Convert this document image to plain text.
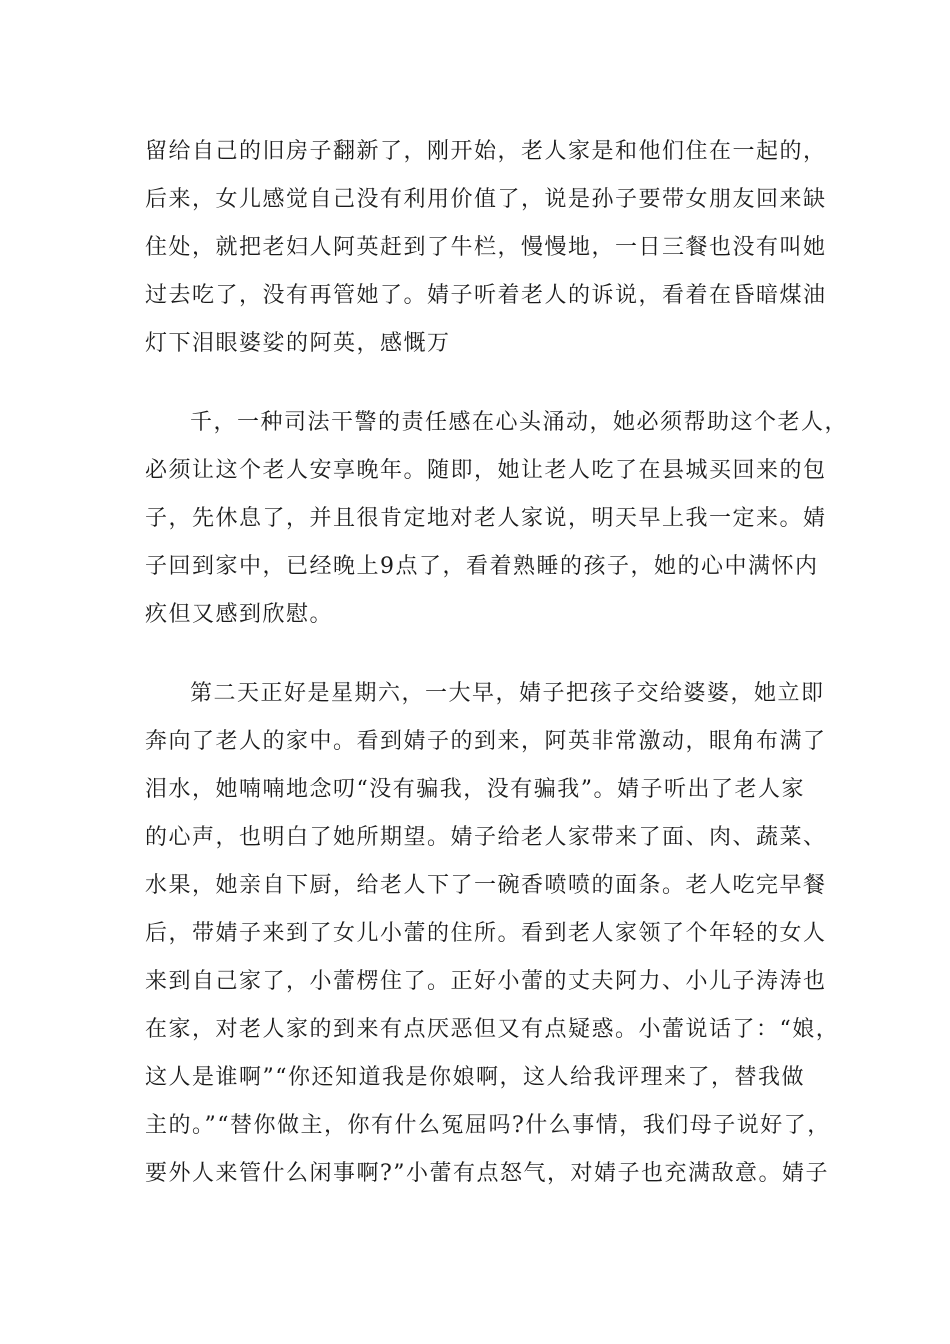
留给自己的旧房子翻新了，刚开始，老人家是和他们住在一起的，
后来，女儿感觉自己没有利用价值了，说是孙子要带女朋友回来缺
住处，就把老妇人阿英赶到了牛栏，慢慢地，一日三餐也没有叫她
过去吃了，没有再管她了。婧子听着老人的诉说，看着在昏暗煤油
灯下泪眼婆娑的阿英，感慨万
千，一种司法干警的责任感在心头涌动，她必须帮助这个老人，
必须让这个老人安享晚年。随即，她让老人吃了在县城买回来的包
子，先休息了，并且很肯定地对老人家说，明天早上我一定来。婧
子回到家中，已经晚上9点了，看着熟睡的孩子，她的心中满怀内
疚但又感到欣慰。
第二天正好是星期六，一大早，婧子把孩子交给婆婆，她立即
奔向了老人的家中。看到婧子的到来，阿英非常激动，眼角布满了
泪水，她喃喃地念叨“没有骗我，没有骗我”。婧子听出了老人家
的心声，也明白了她所期望。婧子给老人家带来了面、肉、蔬菜、
水果，她亲自下厨，给老人下了一碗香喷喷的面条。老人吃完早餐
后，带婧子来到了女儿小蕾的住所。看到老人家领了个年轻的女人
来到自己家了，小蕾楞住了。正好小蕾的丈夫阿力、小儿子涛涛也
在家，对老人家的到来有点厌恶但又有点疑惑。小蕾说话了：“娘，
这人是谁啊”“你还知道我是你娘啊，这人给我评理来了，替我做
主的。”“替你做主，你有什么冤屈吗?什么事情，我们母子说好了，
要外人来管什么闲事啊?”小蕾有点怒气，对婧子也充满敌意。婧子
